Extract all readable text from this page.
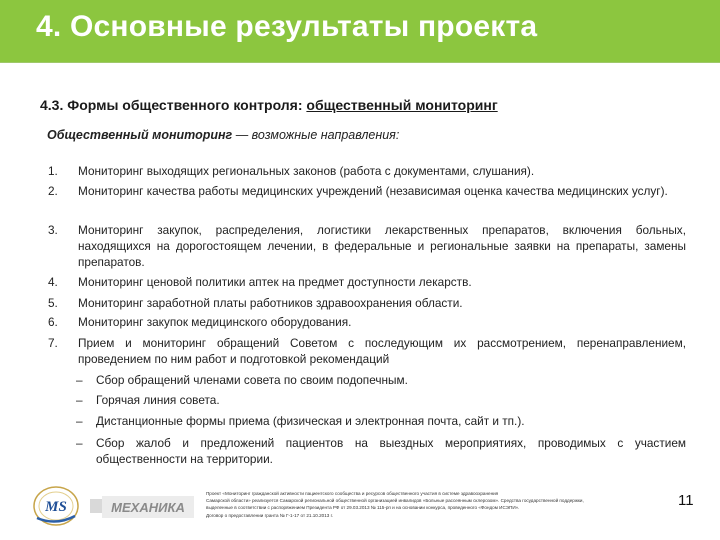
4. Основные результаты проекта
4.3. Формы общественного контроля: общественный мониторинг
Общественный мониторинг — возможные направления:
1. Мониторинг выходящих региональных законов (работа с документами, слушания).
2. Мониторинг качества работы медицинских учреждений (независимая оценка качества медицинских услуг).
3. Мониторинг закупок, распределения, логистики лекарственных препаратов, включения больных, находящихся на дорогостоящем лечении, в федеральные и региональные заявки на препараты, замены препаратов.
4. Мониторинг ценовой политики аптек на предмет доступности лекарств.
5. Мониторинг заработной платы работников здравоохранения области.
6. Мониторинг закупок медицинского оборудования.
7. Прием и мониторинг обращений Советом с последующим их рассмотрением, перенаправлением, проведением по ним работ и подготовкой рекомендаций
– Сбор обращений членами совета по своим подопечным.
– Горячая линия совета.
– Дистанционные формы приема (физическая и электронная почта, сайт и тп.).
– Сбор жалоб и предложений пациентов на выездных мероприятиях, проводимых с участием общественности на территории.
MS	МЕХАНИКА
Проект «Мониторинг гражданской активности пациентского сообщества и ресурсов общественного участия в системе здравоохранения
Самарской области» реализуется Самарской региональной общественной организацией инвалидов «Больные рассеянным склерозом». Средства государственной поддержки,
выделенные в соответствии с распоряжением Президента РФ от 29.03.2013 № 115-рп и на основании конкурса, проведенного «Фондом ИСЭПИ».
Договор о предоставлении гранта № Г-1-17 от 21.10.2013 г.
11
